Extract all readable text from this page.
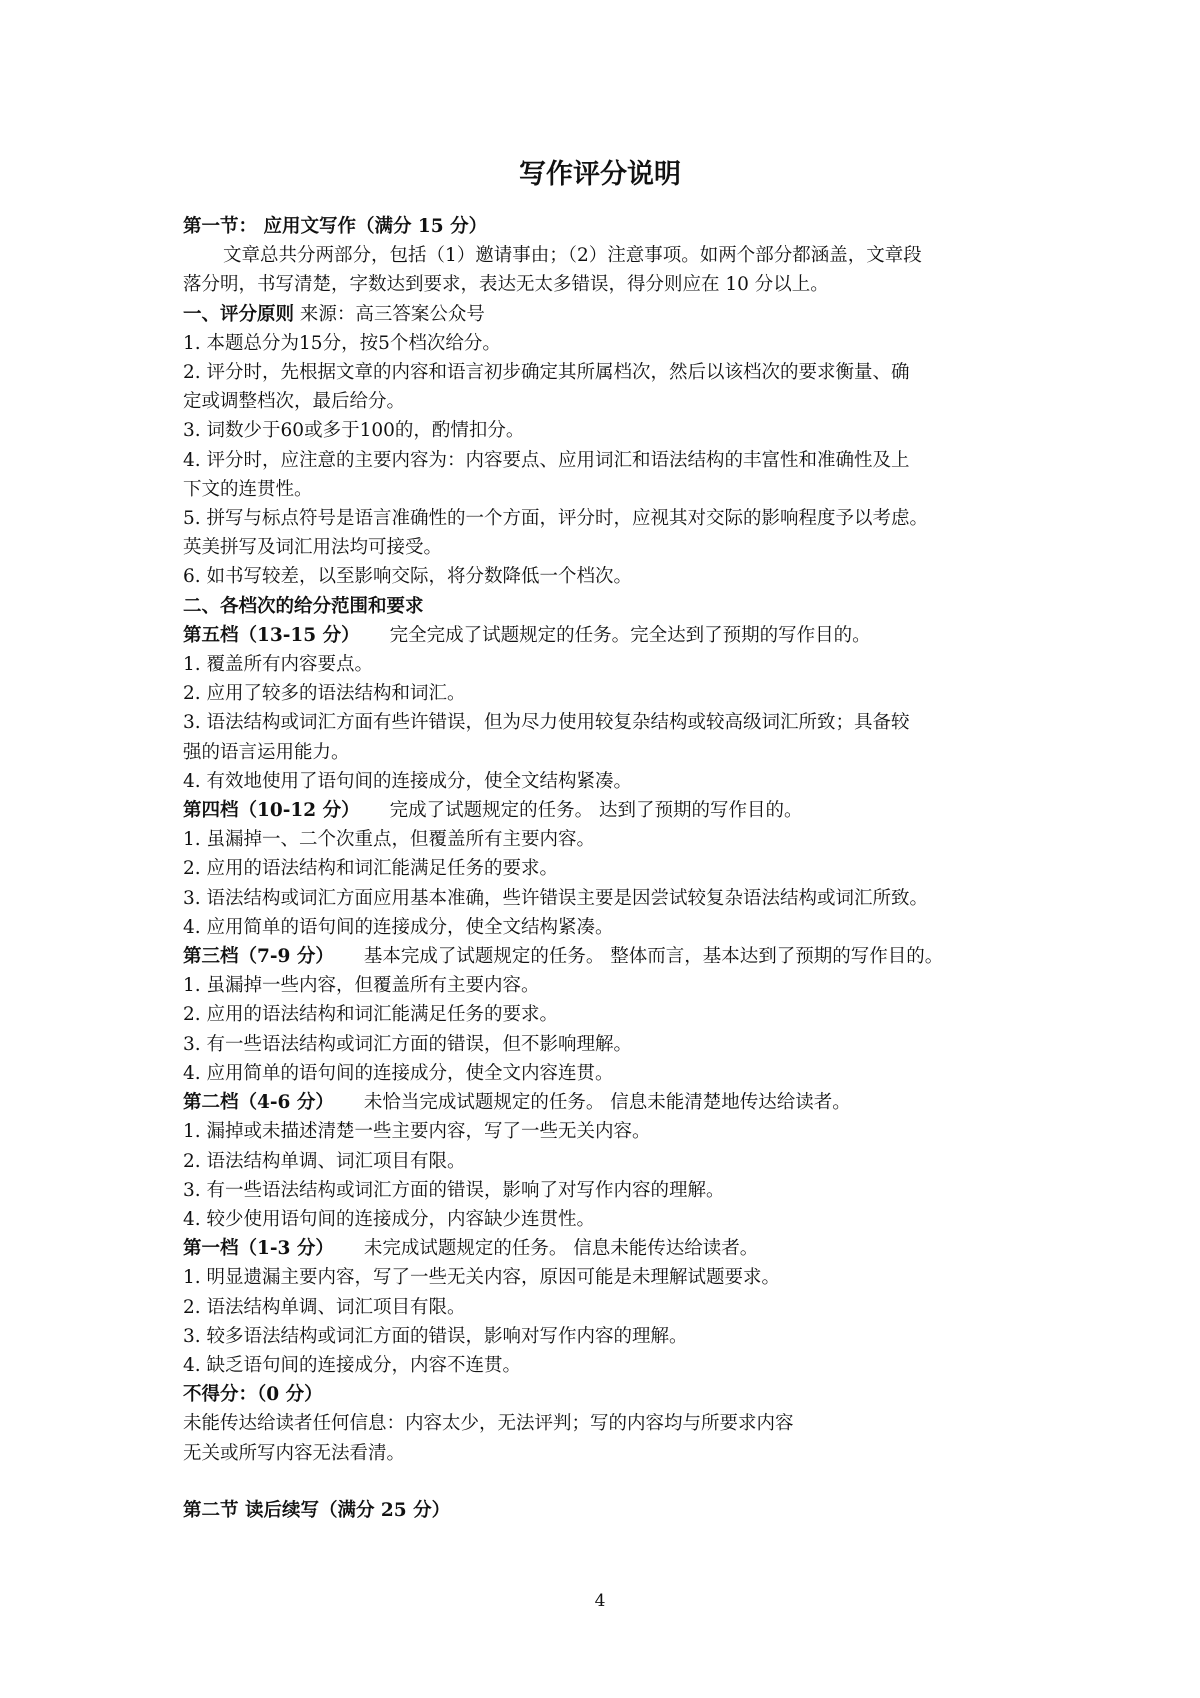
写作评分说明
第一节： 应用文写作（满分 15 分）
文章总共分两部分，包括（1）邀请事由；（2）注意事项。如两个部分都涵盖，文章段
落分明，书写清楚，字数达到要求，表达无太多错误，得分则应在 10 分以上。
一、评分原则 来源：高三答案公众号
1. 本题总分为15分，按5个档次给分。
2. 评分时，先根据文章的内容和语言初步确定其所属档次，然后以该档次的要求衡量、确
定或调整档次，最后给分。
3. 词数少于60或多于100的，酌情扣分。
4. 评分时，应注意的主要内容为：内容要点、应用词汇和语法结构的丰富性和准确性及上
下文的连贯性。
5. 拼写与标点符号是语言准确性的一个方面，评分时，应视其对交际的影响程度予以考虑。
英美拼写及词汇用法均可接受。
6. 如书写较差，以至影响交际，将分数降低一个档次。
二、各档次的给分范围和要求
第五档（13-15 分） 完全完成了试题规定的任务。完全达到了预期的写作目的。
1. 覆盖所有内容要点。
2. 应用了较多的语法结构和词汇。
3. 语法结构或词汇方面有些许错误，但为尽力使用较复杂结构或较高级词汇所致；具备较
强的语言运用能力。
4. 有效地使用了语句间的连接成分，使全文结构紧凑。
第四档（10-12 分） 完成了试题规定的任务。 达到了预期的写作目的。
1. 虽漏掉一、二个次重点，但覆盖所有主要内容。
2. 应用的语法结构和词汇能满足任务的要求。
3. 语法结构或词汇方面应用基本准确，些许错误主要是因尝试较复杂语法结构或词汇所致。
4. 应用简单的语句间的连接成分，使全文结构紧凑。
第三档（7-9 分） 基本完成了试题规定的任务。 整体而言，基本达到了预期的写作目的。
1. 虽漏掉一些内容，但覆盖所有主要内容。
2. 应用的语法结构和词汇能满足任务的要求。
3. 有一些语法结构或词汇方面的错误，但不影响理解。
4. 应用简单的语句间的连接成分，使全文内容连贯。
第二档（4-6 分） 未恰当完成试题规定的任务。 信息未能清楚地传达给读者。
1. 漏掉或未描述清楚一些主要内容，写了一些无关内容。
2. 语法结构单调、词汇项目有限。
3. 有一些语法结构或词汇方面的错误，影响了对写作内容的理解。
4. 较少使用语句间的连接成分，内容缺少连贯性。
第一档（1-3 分） 未完成试题规定的任务。 信息未能传达给读者。
1. 明显遗漏主要内容，写了一些无关内容，原因可能是未理解试题要求。
2. 语法结构单调、词汇项目有限。
3. 较多语法结构或词汇方面的错误，影响对写作内容的理解。
4. 缺乏语句间的连接成分，内容不连贯。
不得分：（0 分）
未能传达给读者任何信息：内容太少，无法评判；写的内容均与所要求内容
无关或所写内容无法看清。
第二节 读后续写（满分 25 分）
4
